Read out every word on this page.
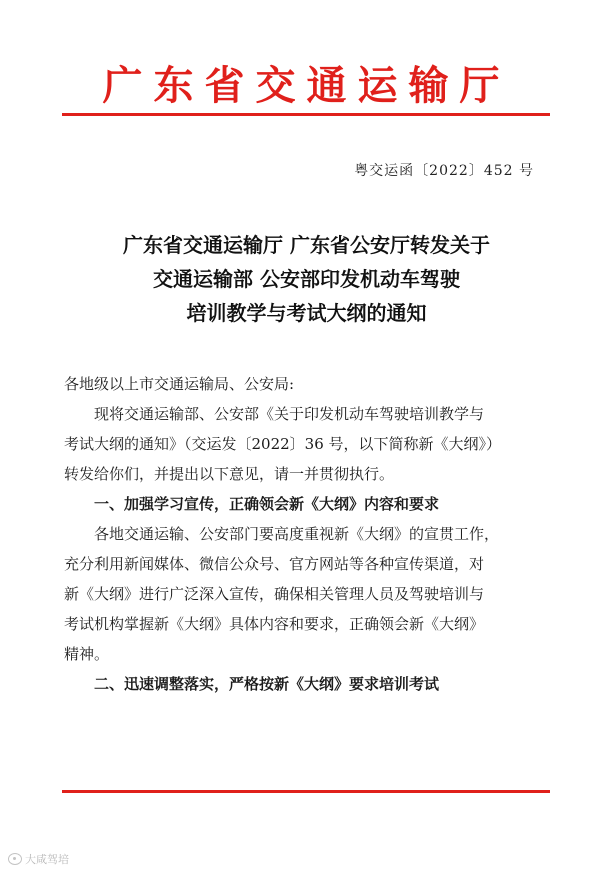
广东省交通运输厅
粤交运函〔2022〕452 号
广东省交通运输厅 广东省公安厅转发关于
交通运输部 公安部印发机动车驾驶
培训教学与考试大纲的通知

各地级以上市交通运输局、公安局:

现将交通运输部、公安部《关于印发机动车驾驶培训教学与

考试大纲的通知》（交运发〔2022〕36 号，以下简称新《大纲》）

转发给你们，并提出以下意见，请一并贯彻执行。

一、加强学习宣传，正确领会新《大纲》内容和要求

各地交通运输、公安部门要高度重视新《大纲》的宣贯工作，

充分利用新闻媒体、微信公众号、官方网站等各种宣传渠道，对

新《大纲》进行广泛深入宣传，确保相关管理人员及驾驶培训与

考试机构掌握新《大纲》具体内容和要求，正确领会新《大纲》

精神。

二、迅速调整落实，严格按新《大纲》要求培训考试

大咸驾培
